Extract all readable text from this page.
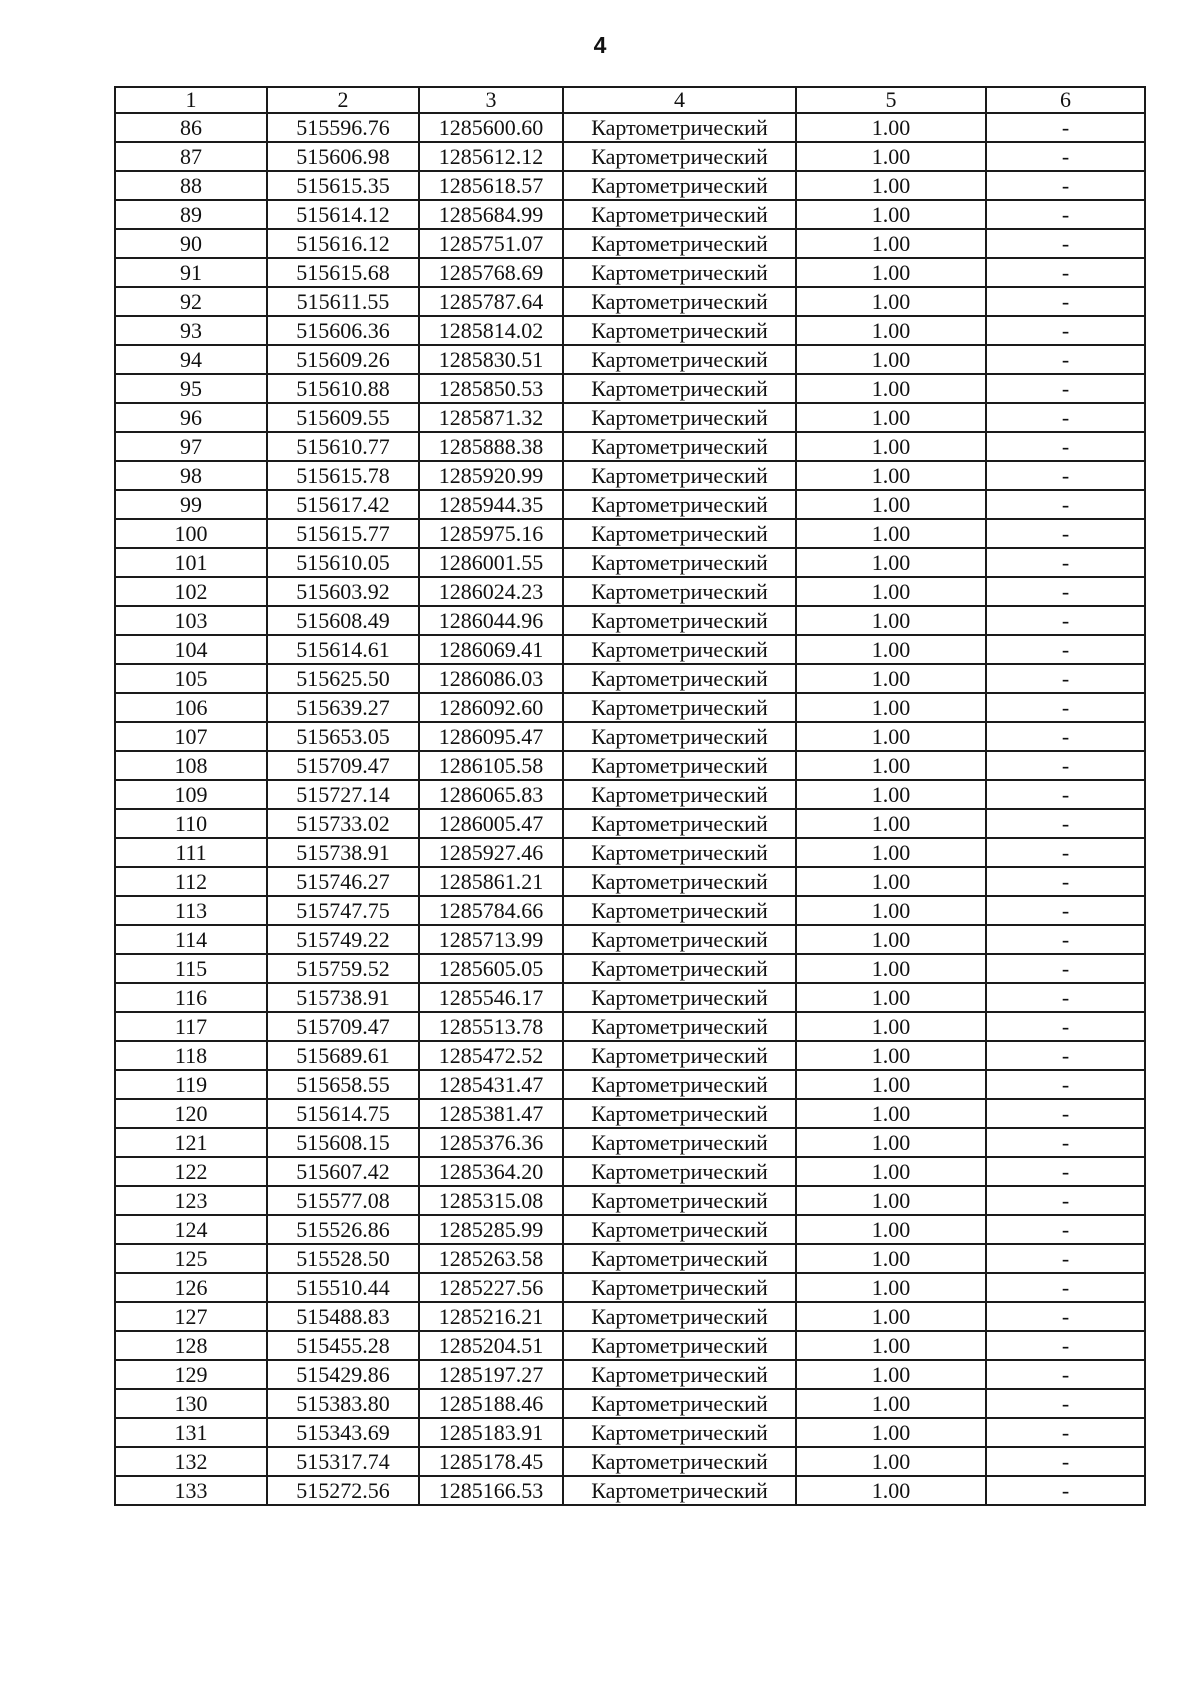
4
1	2	3	4	5	6
86	515596.76	1285600.60	Картометрический	1.00	-
87	515606.98	1285612.12	Картометрический	1.00	-
88	515615.35	1285618.57	Картометрический	1.00	-
89	515614.12	1285684.99	Картометрический	1.00	-
90	515616.12	1285751.07	Картометрический	1.00	-
91	515615.68	1285768.69	Картометрический	1.00	-
92	515611.55	1285787.64	Картометрический	1.00	-
93	515606.36	1285814.02	Картометрический	1.00	-
94	515609.26	1285830.51	Картометрический	1.00	-
95	515610.88	1285850.53	Картометрический	1.00	-
96	515609.55	1285871.32	Картометрический	1.00	-
97	515610.77	1285888.38	Картометрический	1.00	-
98	515615.78	1285920.99	Картометрический	1.00	-
99	515617.42	1285944.35	Картометрический	1.00	-
100	515615.77	1285975.16	Картометрический	1.00	-
101	515610.05	1286001.55	Картометрический	1.00	-
102	515603.92	1286024.23	Картометрический	1.00	-
103	515608.49	1286044.96	Картометрический	1.00	-
104	515614.61	1286069.41	Картометрический	1.00	-
105	515625.50	1286086.03	Картометрический	1.00	-
106	515639.27	1286092.60	Картометрический	1.00	-
107	515653.05	1286095.47	Картометрический	1.00	-
108	515709.47	1286105.58	Картометрический	1.00	-
109	515727.14	1286065.83	Картометрический	1.00	-
110	515733.02	1286005.47	Картометрический	1.00	-
111	515738.91	1285927.46	Картометрический	1.00	-
112	515746.27	1285861.21	Картометрический	1.00	-
113	515747.75	1285784.66	Картометрический	1.00	-
114	515749.22	1285713.99	Картометрический	1.00	-
115	515759.52	1285605.05	Картометрический	1.00	-
116	515738.91	1285546.17	Картометрический	1.00	-
117	515709.47	1285513.78	Картометрический	1.00	-
118	515689.61	1285472.52	Картометрический	1.00	-
119	515658.55	1285431.47	Картометрический	1.00	-
120	515614.75	1285381.47	Картометрический	1.00	-
121	515608.15	1285376.36	Картометрический	1.00	-
122	515607.42	1285364.20	Картометрический	1.00	-
123	515577.08	1285315.08	Картометрический	1.00	-
124	515526.86	1285285.99	Картометрический	1.00	-
125	515528.50	1285263.58	Картометрический	1.00	-
126	515510.44	1285227.56	Картометрический	1.00	-
127	515488.83	1285216.21	Картометрический	1.00	-
128	515455.28	1285204.51	Картометрический	1.00	-
129	515429.86	1285197.27	Картометрический	1.00	-
130	515383.80	1285188.46	Картометрический	1.00	-
131	515343.69	1285183.91	Картометрический	1.00	-
132	515317.74	1285178.45	Картометрический	1.00	-
133	515272.56	1285166.53	Картометрический	1.00	-
